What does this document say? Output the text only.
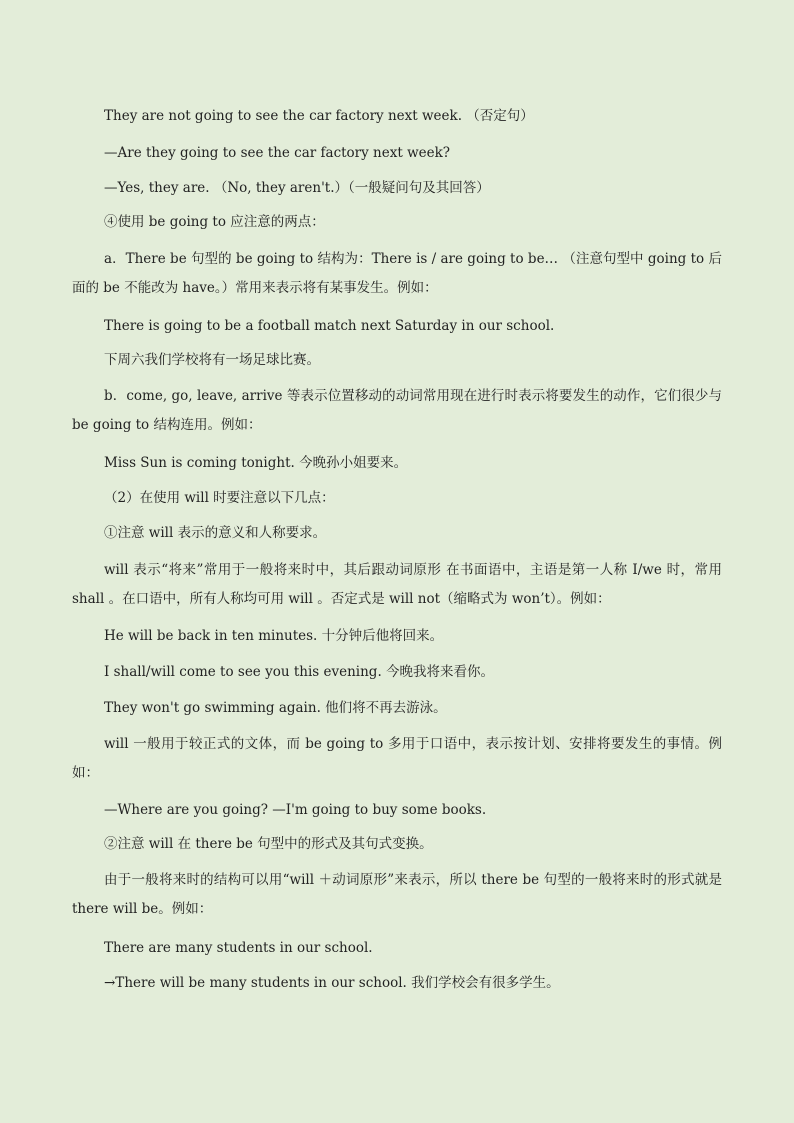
They are not going to see the car factory next week. （否定句）
—Are they going to see the car factory next week?
—Yes, they are. （No, they aren't.）（一般疑问句及其回答）
④使用 be going to 应注意的两点：
a．There be 句型的 be going to 结构为：There is / are going to be… （注意句型中 going to 后面的 be 不能改为 have。）常用来表示将有某事发生。例如：
There is going to be a football match next Saturday in our school.
下周六我们学校将有一场足球比赛。
b．come, go, leave, arrive 等表示位置移动的动词常用现在进行时表示将要发生的动作，它们很少与 be going to 结构连用。例如：
Miss Sun is coming tonight. 今晚孙小姐要来。
（2）在使用 will 时要注意以下几点：
①注意 will 表示的意义和人称要求。
will 表示“将来”常用于一般将来时中，其后跟动词原形 在书面语中，主语是第一人称 I/we 时，常用 shall 。在口语中，所有人称均可用 will 。否定式是 will not（缩略式为 won’t）。例如：
He will be back in ten minutes. 十分钟后他将回来。
I shall/will come to see you this evening. 今晚我将来看你。
They won't go swimming again. 他们将不再去游泳。
will 一般用于较正式的文体，而 be going to 多用于口语中，表示按计划、安排将要发生的事情。例如：
—Where are you going? —I'm going to buy some books.
②注意 will 在 there be 句型中的形式及其句式变换。
由于一般将来时的结构可以用“will ＋动词原形”来表示，所以 there be 句型的一般将来时的形式就是 there will be。例如：
There are many students in our school.
→There will be many students in our school. 我们学校会有很多学生。
